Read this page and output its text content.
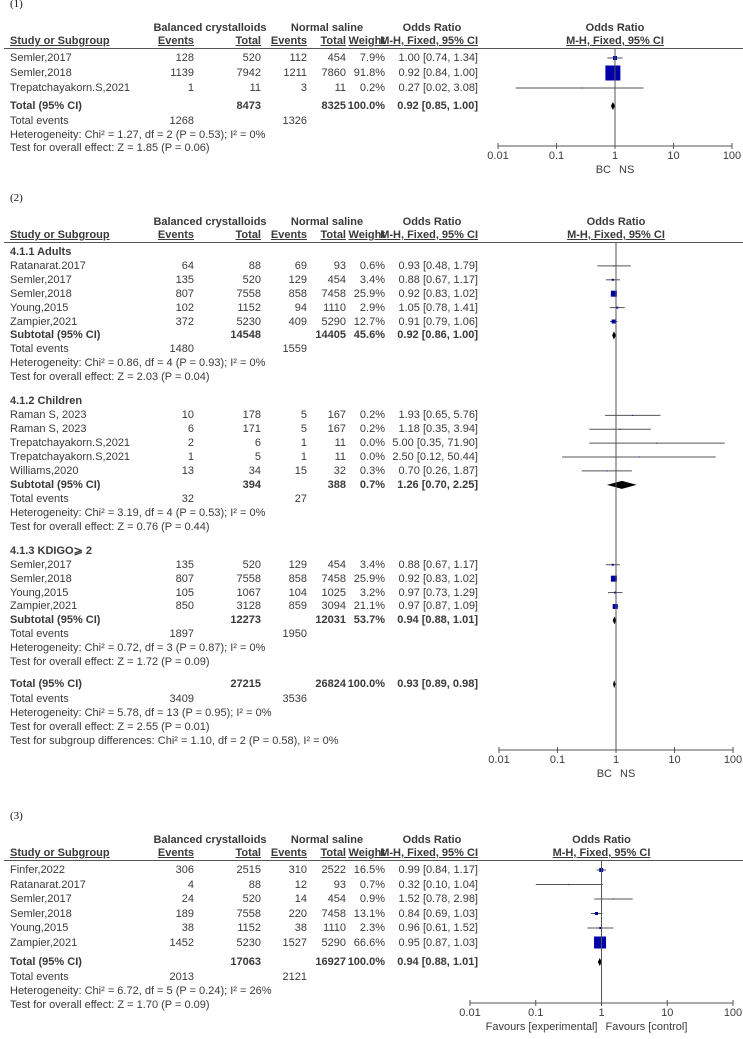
(1)
Balanced crystalloids	Normal saline	Odds Ratio	Odds Ratio
Study or Subgroup	Events	Total Events Total Weight
M-H, Fixed, 95% CI	M-H, Fixed, 95% CI
Semler,2017	128	520	112 454 7.9% 1.00 [0.74, 1.34]
Semler,2018	1139	7942 1211 7860 91.8% 0.92 [0.84, 1.00]
Trepatchayakorn.S,2021	1	11	3	11 0.2% 0.27 [0.02, 3.08]
Total (95% CI)	8473	8325 100.0% 0.92 [0.85, 1.00]
Total events	1268	1326
Heterogeneity: Chi² = 1.27, df = 2 (P = 0.53); I² = 0%
Test for overall effect: Z = 1.85 (P = 0.06)
0.01	0.1	1	10	100
BC NS
(2)
Balanced crystalloids	Normal saline	Odds Ratio	Odds Ratio
Study or Subgroup	Events	Total Events Total Weight
M-H, Fixed, 95% CI	M-H, Fixed, 95% CI
4.1.1 Adults
Ratanarat.2017	64	88	69 93 0.6% 0.93 [0.48, 1.79]
Semler,2017	135	520	129 454 3.4% 0.88 [0.67, 1.17]
Semler,2018	807	7558	858 7458 25.9% 0.92 [0.83, 1.02]
Young,2015	102	1152	94 1110 2.9% 1.05 [0.78, 1.41]
Zampier,2021	372	5230	409 5290 12.7% 0.91 [0.79, 1.06]
Subtotal (95% CI)	14548	14405 45.6% 0.92 [0.86, 1.00]
Total events	1480	1559
Heterogeneity: Chi² = 0.86, df = 4 (P = 0.93); I² = 0%
Test for overall effect: Z = 2.03 (P = 0.04)
4.1.2 Children
Raman S, 2023	10	178	5 167 0.2% 1.93 [0.65, 5.76]
Raman S, 2023	6	171	5 167 0.2% 1.18 [0.35, 3.94]
Trepatchayakorn.S,2021	2	6	1	11 0.0% 5.00 [0.35, 71.90]
Trepatchayakorn.S,2021	1	5	1	11 0.0% 2.50 [0.12, 50.44]
Williams,2020	13	34	15 32 0.3% 0.70 [0.26, 1.87]
Subtotal (95% CI)	394	388 0.7% 1.26 [0.70, 2.25]
Total events	32	27
Heterogeneity: Chi² = 3.19, df = 4 (P = 0.53); I² = 0%
Test for overall effect: Z = 0.76 (P = 0.44)
4.1.3 KDIGO⩾ 2
Semler,2017	135	520	129 454 3.4% 0.88 [0.67, 1.17]
Semler,2018	807	7558	858 7458 25.9% 0.92 [0.83, 1.02]
Young,2015	105	1067	104 1025 3.2% 0.97 [0.73, 1.29]
Zampier,2021	850	3128	859 3094 21.1% 0.97 [0.87, 1.09]
Subtotal (95% CI)	12273	12031 53.7% 0.94 [0.88, 1.01]
Total events	1897	1950
Heterogeneity: Chi² = 0.72, df = 3 (P = 0.87); I² = 0%
Test for overall effect: Z = 1.72 (P = 0.09)
Total (95% CI)	27215	26824 100.0% 0.93 [0.89, 0.98]
Total events	3409	3536
Heterogeneity: Chi² = 5.78, df = 13 (P = 0.95); I² = 0%
Test for overall effect: Z = 2.55 (P = 0.01)
Test for subgroup differences: Chi² = 1.10, df = 2 (P = 0.58), I² = 0%
0.01	0.1	1	10	100
BC NS
(3)
Balanced crystalloids	Normal saline	Odds Ratio	Odds Ratio
Study or Subgroup	Events	Total Events Total Weight
M-H, Fixed, 95% CI	M-H, Fixed, 95% CI
Finfer,2022	306	2515	310 2522 16.5% 0.99 [0.84, 1.17]
Ratanarat.2017	4	88	12 93 0.7% 0.32 [0.10, 1.04]
Semler,2017	24	520	14 454 0.9% 1.52 [0.78, 2.98]
Semler,2018	189	7558	220 7458 13.1% 0.84 [0.69, 1.03]
Young,2015	38	1152	38 1110 2.3% 0.96 [0.61, 1.52]
Zampier,2021	1452	5230 1527 5290 66.6% 0.95 [0.87, 1.03]
Total (95% CI)	17063	16927 100.0% 0.94 [0.88, 1.01]
Total events	2013	2121
Heterogeneity: Chi² = 6.72, df = 5 (P = 0.24); I² = 26%
Test for overall effect: Z = 1.70 (P = 0.09)
0.01	0.1	1	10	100
Favours [experimental] Favours [control]
